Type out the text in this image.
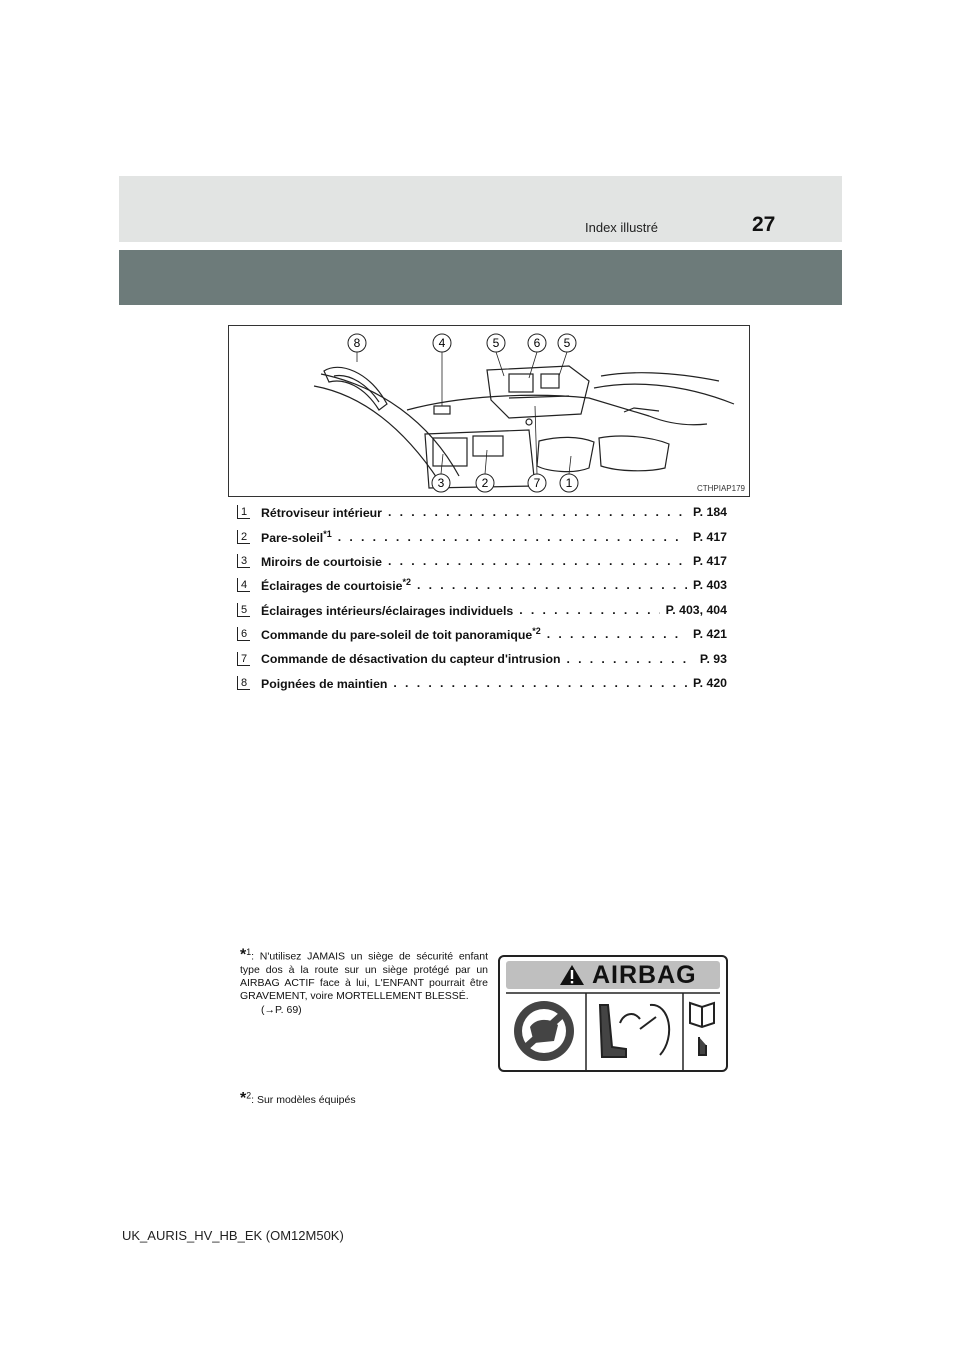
Index illustré	27
8	4	5	6 5
3	2	7 1	CTHPIAP179
1 Rétroviseur intérieur . . .	P. 184
2 Pare-soleil$^{*1}$ . . .	P. 417
3 Miroirs de courtoisie . . .	P. 417
4 Éclairages de courtoisie$^{*2}$ . . .	P. 403
5 Éclairages intérieurs/éclairages individuels . . .	P. 403, 404
6 Commande du pare-soleil de toit panoramique$^{*2}$ . . .	P. 421
7 Commande de désactivation du capteur d'intrusion . . .	P. 93
8 Poignées de maintien . . .	P. 420
*$^1$: N'utilisez JAMAIS un siège de sécurité enfant type dos à la route sur un siège protégé par un AIRBAG ACTIF face à lui, L'ENFANT pourrait être GRAVEMENT, voire MORTELLEMENT BLESSÉ.
(→P. 69)
AIRBAG
*$^2$: Sur modèles équipés
UK_AURIS_HV_HB_EK (OM12M50K)
